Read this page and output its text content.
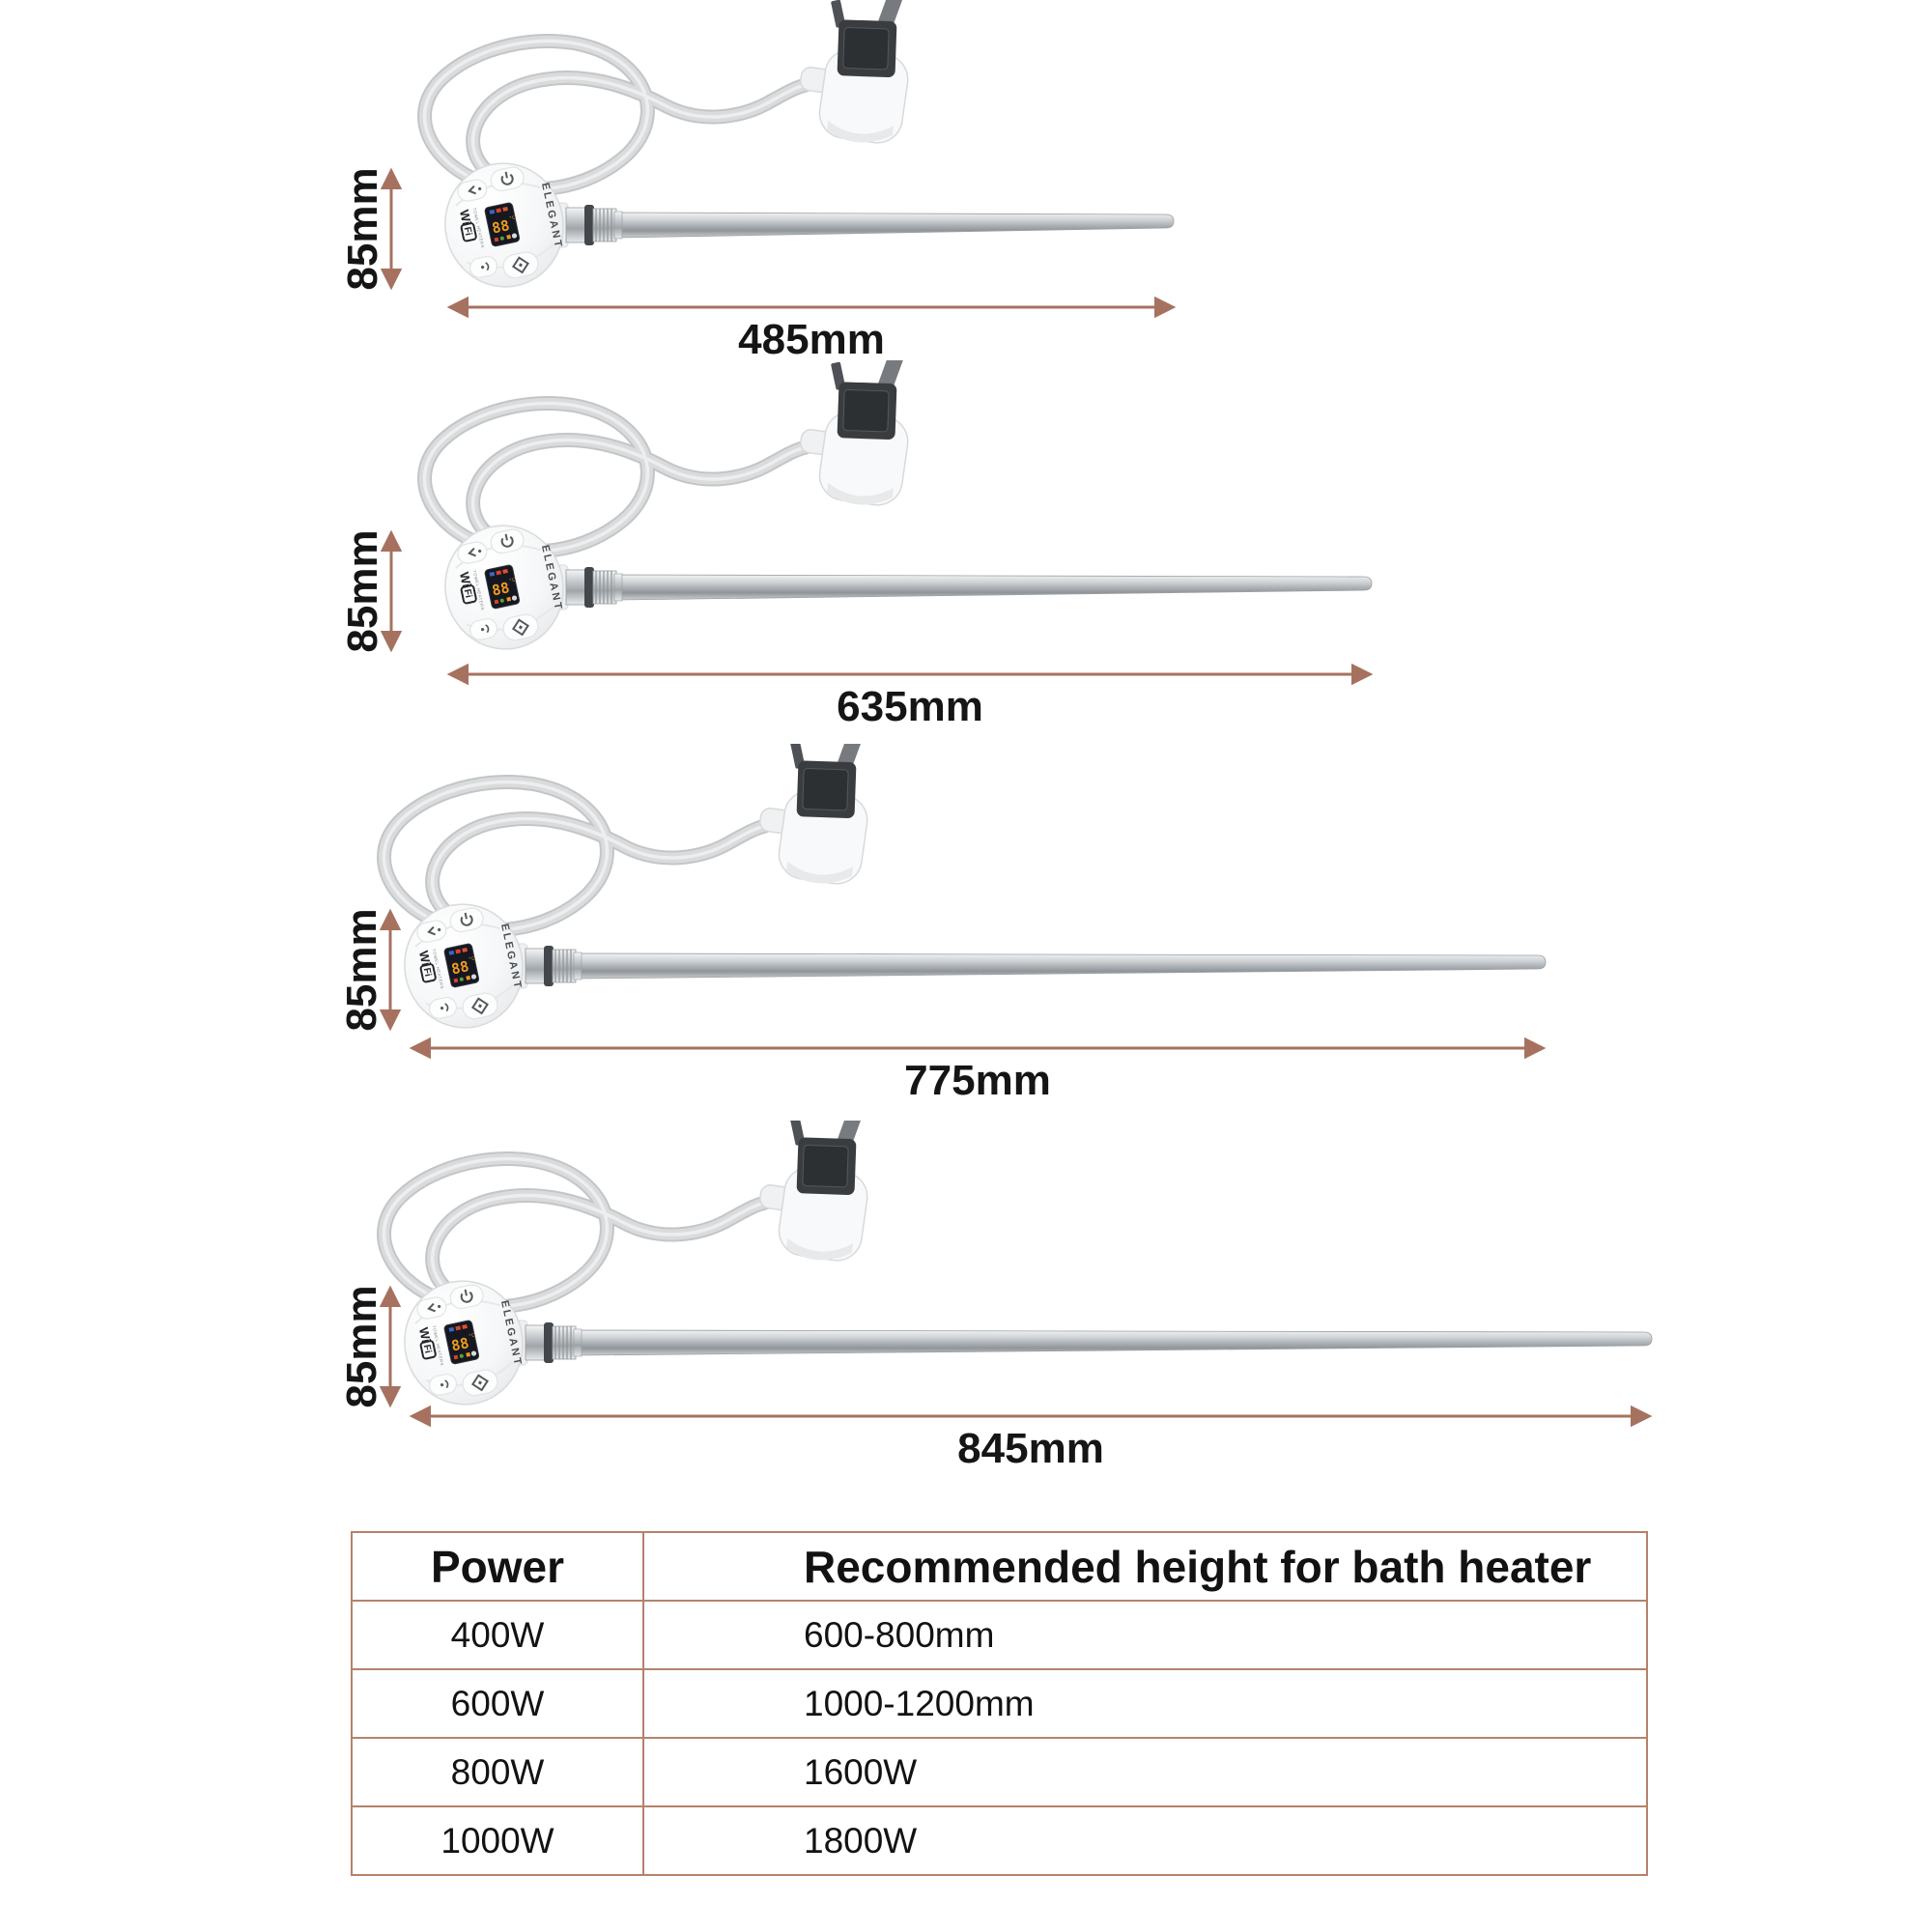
85mm
485mm
85mm
635mm
85mm
775mm
85mm
845mm
Power	Recommended height for bath heater
400W	600-800mm
600W	1000-1200mm
800W	1600W
1000W	1800W
